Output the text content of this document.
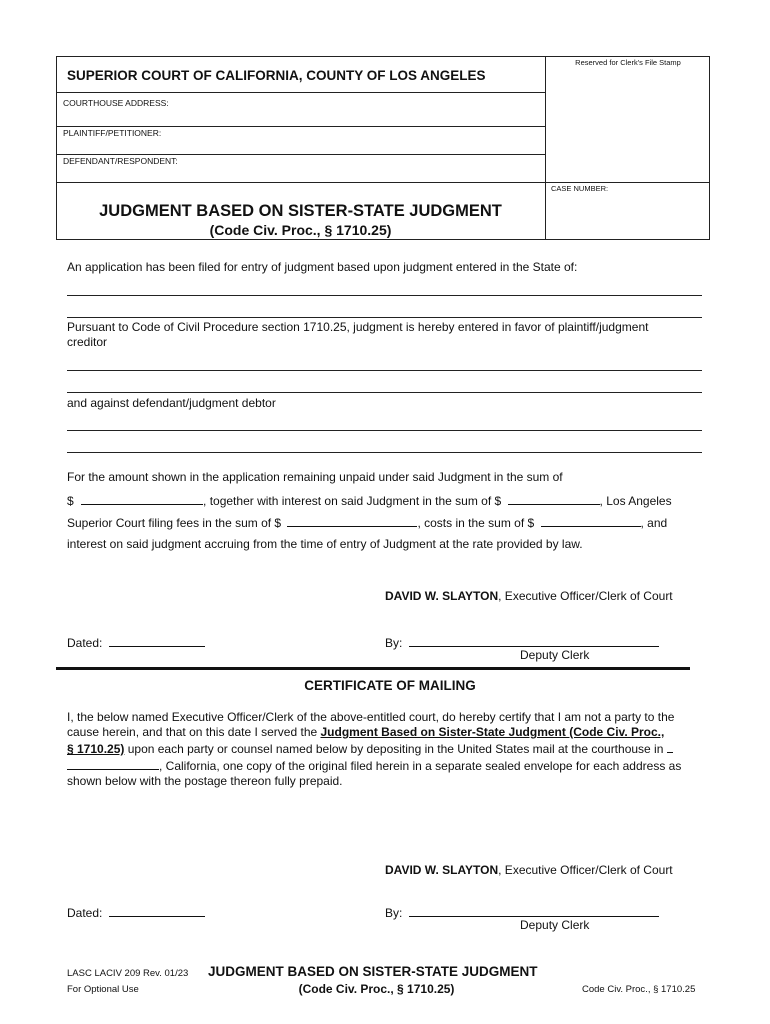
Reserved for Clerk's File Stamp
SUPERIOR COURT OF CALIFORNIA, COUNTY OF LOS ANGELES
COURTHOUSE ADDRESS:
PLAINTIFF/PETITIONER:
DEFENDANT/RESPONDENT:
CASE NUMBER:
JUDGMENT BASED ON SISTER-STATE JUDGMENT
(Code Civ. Proc., § 1710.25)
An application has been filed for entry of judgment based upon judgment entered in the State of:
Pursuant to Code of Civil Procedure section 1710.25, judgment is hereby entered in favor of plaintiff/judgment creditor
and against defendant/judgment debtor
For the amount shown in the application remaining unpaid under said Judgment in the sum of
$	, together with interest on said Judgment in the sum of $	, Los Angeles
Superior Court filing fees in the sum of $	, costs in the sum of $	, and
interest on said judgment accruing from the time of entry of Judgment at the rate provided by law.
DAVID W. SLAYTON, Executive Officer/Clerk of Court
Dated:	By:
Deputy Clerk
CERTIFICATE OF MAILING
I, the below named Executive Officer/Clerk of the above-entitled court, do hereby certify that I am not a party to the
cause herein, and that on this date I served the Judgment Based on Sister-State Judgment (Code Civ. Proc.,
§ 1710.25) upon each party or counsel named below by depositing in the United States mail at the courthouse in
, California, one copy of the original filed herein in a separate sealed envelope for each address as
shown below with the postage thereon fully prepaid.
DAVID W. SLAYTON, Executive Officer/Clerk of Court
Dated:	By:
Deputy Clerk
LASC LACIV 209 Rev. 01/23
For Optional Use
JUDGMENT BASED ON SISTER-STATE JUDGMENT
(Code Civ. Proc., § 1710.25)	Code Civ. Proc., § 1710.25
